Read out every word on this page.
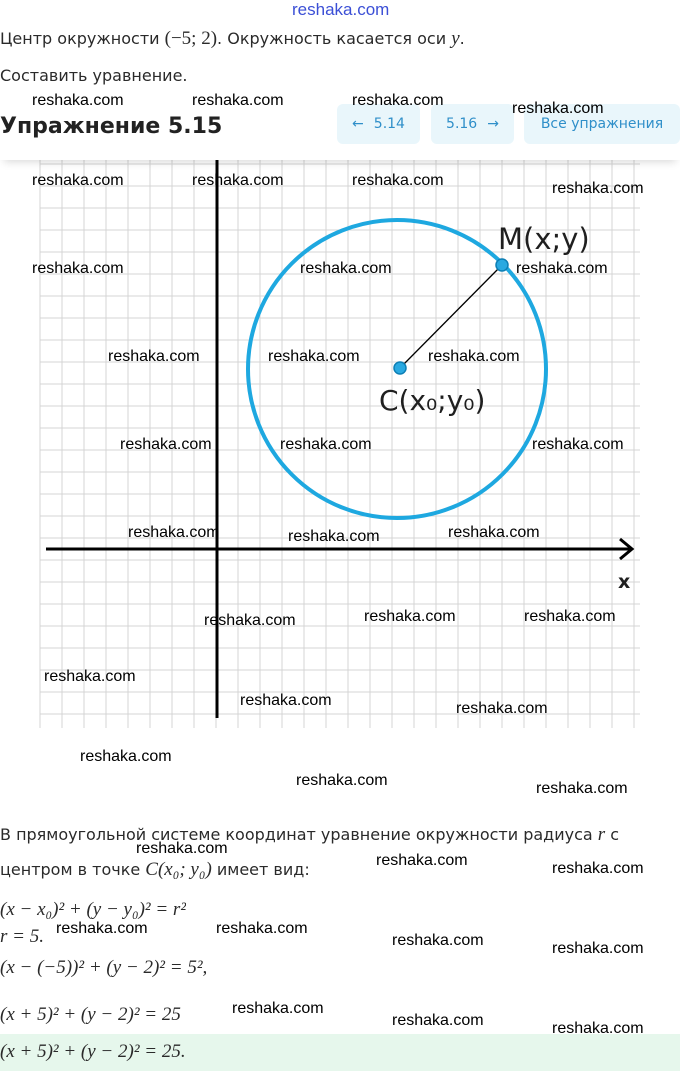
reshaka.com
Центр окружности (−5; 2). Окружность касается оси y.
Составить уравнение.
M(x;y)
C(x₀;y₀)
x
Упражнение 5.15	← 5.14	5.16 →	Все упражнения
В прямоугольной системе координат уравнение окружности радиуса r с
центром в точке C(x₀; y₀) имеет вид:
(x − x₀)² + (y − y₀)² = r²
r = 5.
(x − (−5))² + (y − 2)² = 5²,
(x + 5)² + (y − 2)² = 25
(x + 5)² + (y − 2)² = 25.
reshaka.com	reshaka.com	reshaka.com	reshaka.com
reshaka.com	reshaka.com	reshaka.com	reshaka.com
reshaka.com	reshaka.com	reshaka.com
reshaka.com	reshaka.com	reshaka.com
reshaka.com	reshaka.com	reshaka.com
reshaka.com	reshaka.com	reshaka.com
reshaka.com	reshaka.com	reshaka.com
reshaka.com
reshaka.com	reshaka.com
reshaka.com
reshaka.com	reshaka.com
reshaka.com
reshaka.com	reshaka.com
reshaka.com	reshaka.com
reshaka.com	reshaka.com
reshaka.com
reshaka.com	reshaka.com
